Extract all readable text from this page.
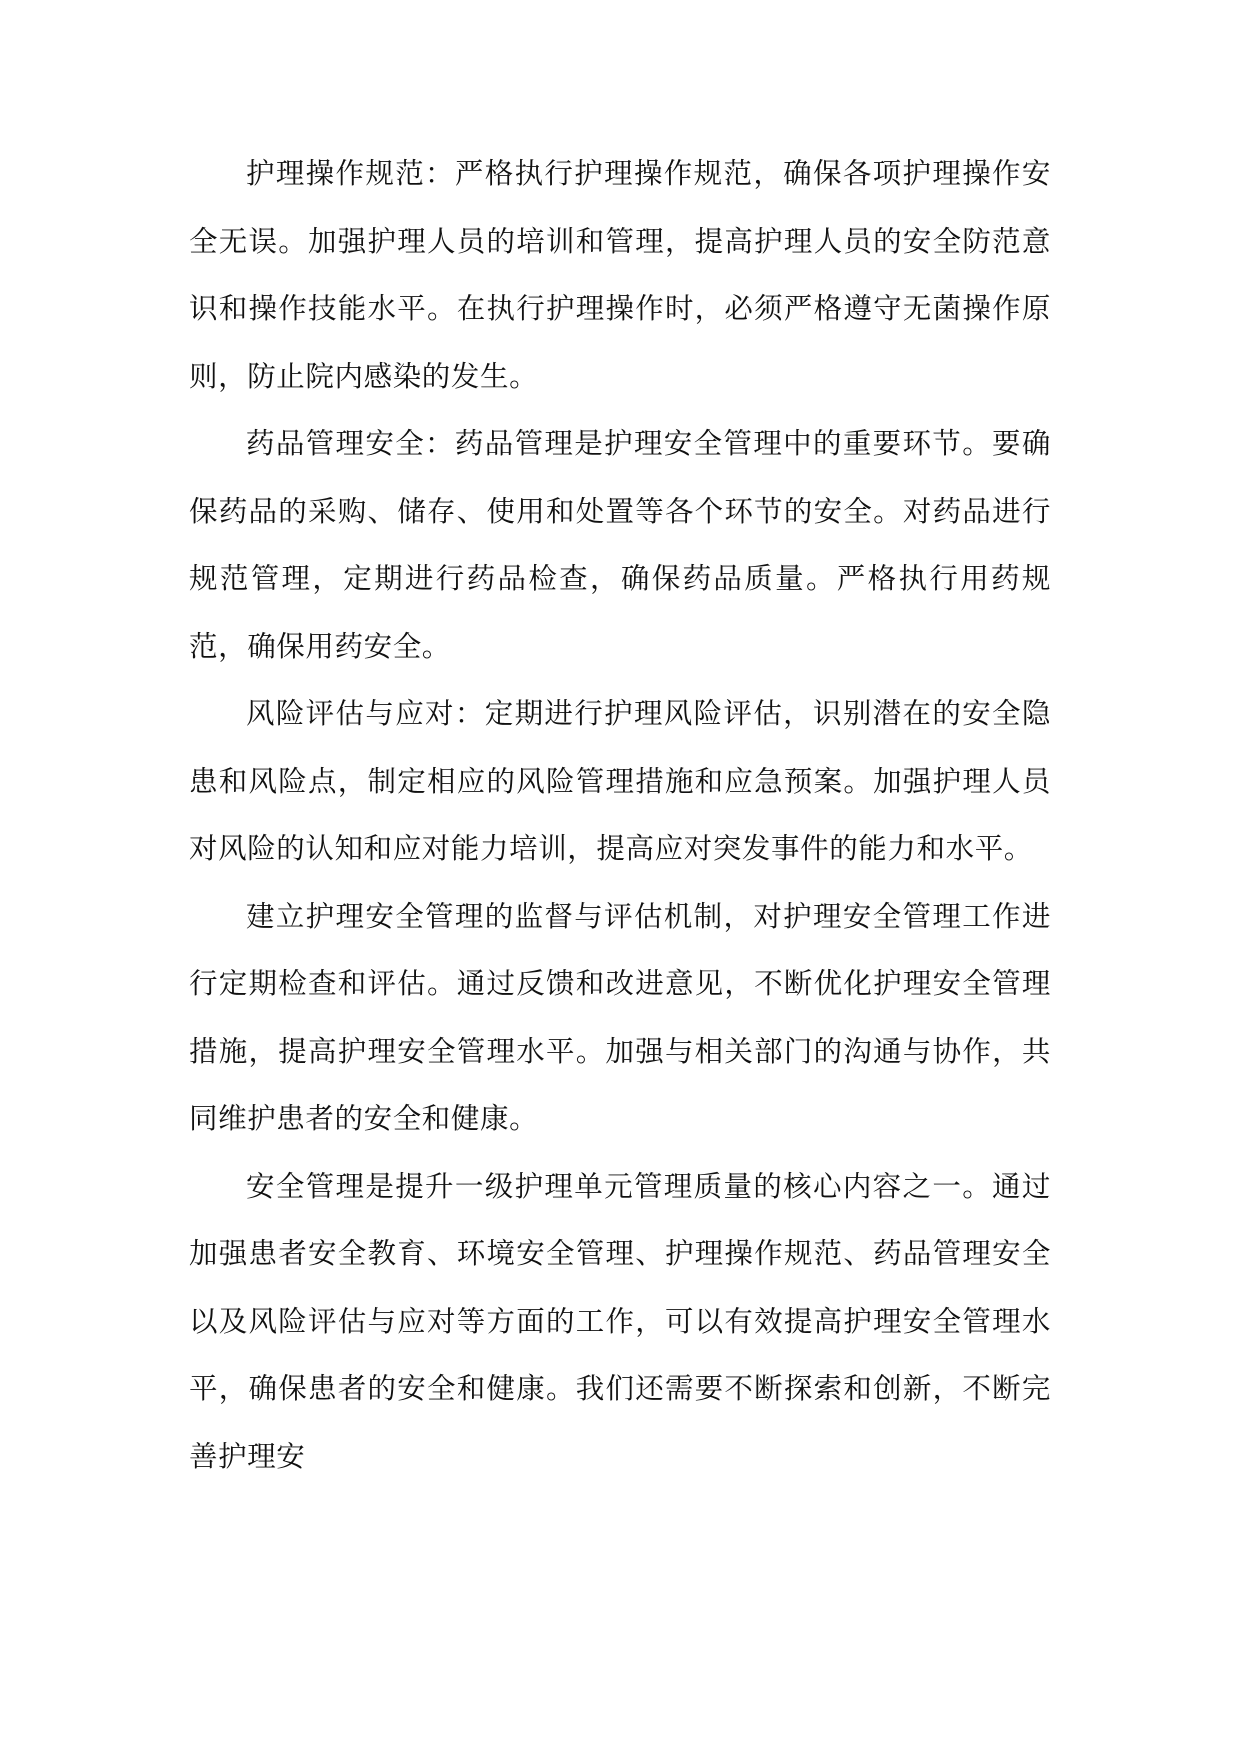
护理操作规范：严格执行护理操作规范，确保各项护理操作安全无误。加强护理人员的培训和管理，提高护理人员的安全防范意识和操作技能水平。在执行护理操作时，必须严格遵守无菌操作原则，防止院内感染的发生。

药品管理安全：药品管理是护理安全管理中的重要环节。要确保药品的采购、储存、使用和处置等各个环节的安全。对药品进行规范管理，定期进行药品检查，确保药品质量。严格执行用药规范，确保用药安全。

风险评估与应对：定期进行护理风险评估，识别潜在的安全隐患和风险点，制定相应的风险管理措施和应急预案。加强护理人员对风险的认知和应对能力培训，提高应对突发事件的能力和水平。

建立护理安全管理的监督与评估机制，对护理安全管理工作进行定期检查和评估。通过反馈和改进意见，不断优化护理安全管理措施，提高护理安全管理水平。加强与相关部门的沟通与协作，共同维护患者的安全和健康。

安全管理是提升一级护理单元管理质量的核心内容之一。通过加强患者安全教育、环境安全管理、护理操作规范、药品管理安全以及风险评估与应对等方面的工作，可以有效提高护理安全管理水平，确保患者的安全和健康。我们还需要不断探索和创新，不断完善护理安
